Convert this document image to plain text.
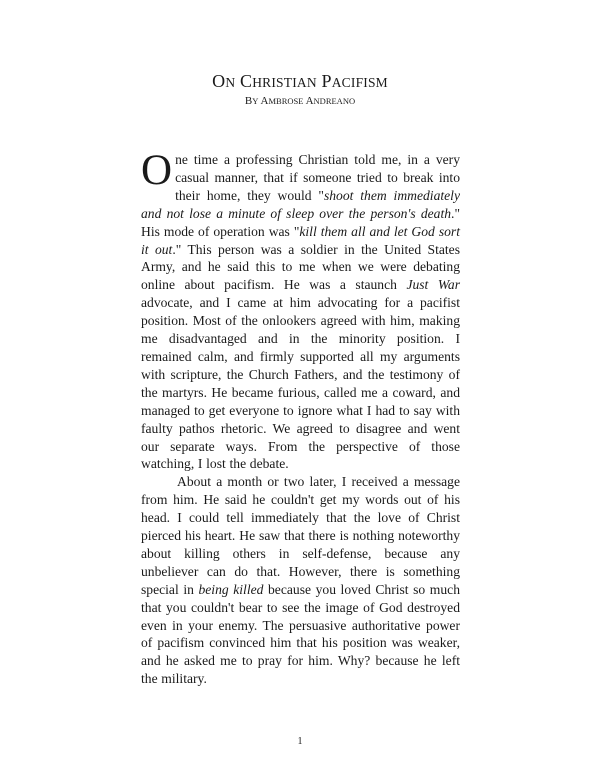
ON CHRISTIAN PACIFISM
BY AMBROSE ANDREANO

One time a professing Christian told me, in a very casual manner, that if someone tried to break into their home, they would "shoot them immediately and not lose a minute of sleep over the person's death." His mode of operation was "kill them all and let God sort it out." This person was a soldier in the United States Army, and he said this to me when we were debating online about pacifism. He was a staunch Just War advocate, and I came at him advocating for a pacifist position. Most of the onlookers agreed with him, making me disadvantaged and in the minority position. I remained calm, and firmly supported all my arguments with scripture, the Church Fathers, and the testimony of the martyrs. He became furious, called me a coward, and managed to get everyone to ignore what I had to say with faulty pathos rhetoric. We agreed to disagree and went our separate ways. From the perspective of those watching, I lost the debate.

About a month or two later, I received a message from him. He said he couldn't get my words out of his head. I could tell immediately that the love of Christ pierced his heart. He saw that there is nothing noteworthy about killing others in self-defense, because any unbeliever can do that. However, there is something special in being killed because you loved Christ so much that you couldn't bear to see the image of God destroyed even in your enemy. The persuasive authoritative power of pacifism convinced him that his position was weaker, and he asked me to pray for him. Why? because he left the military.

1
